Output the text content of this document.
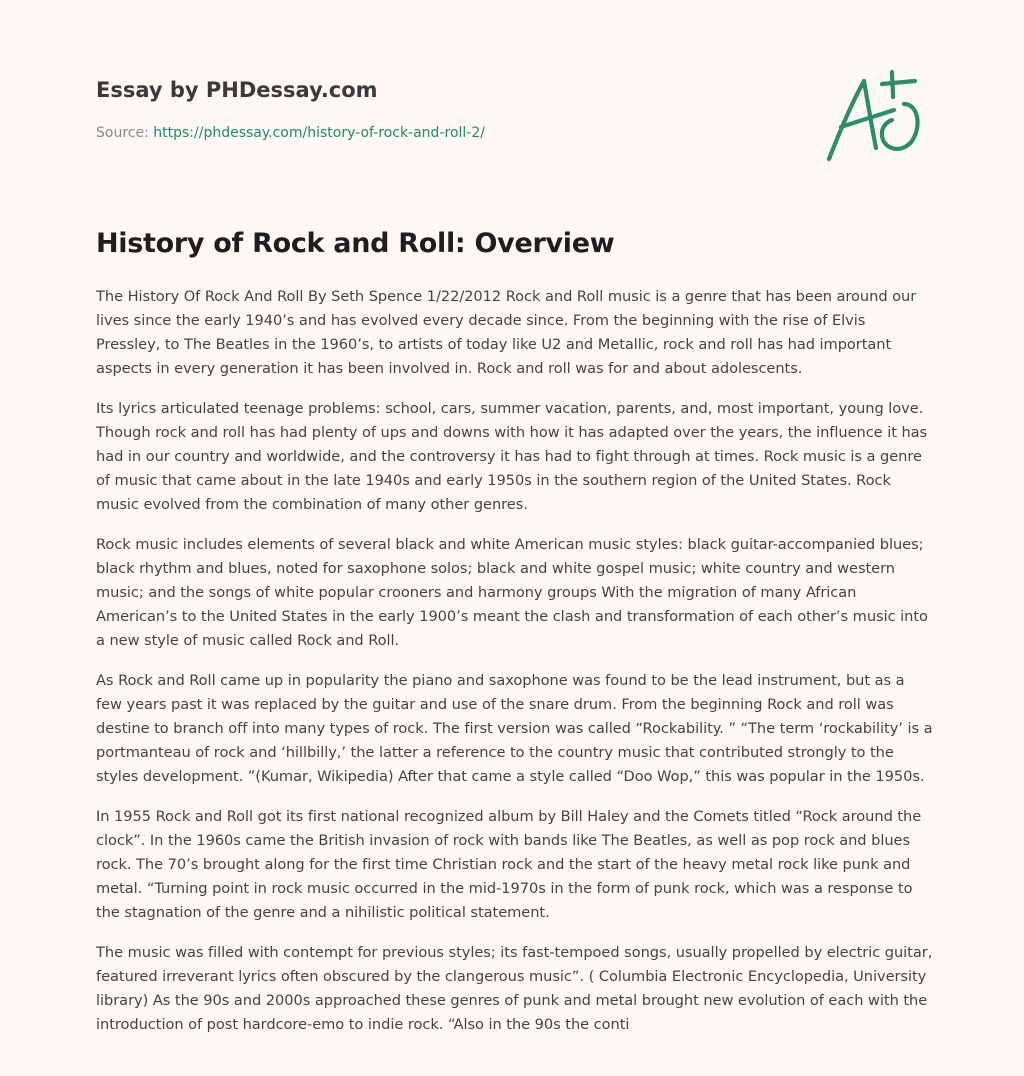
Essay by PHDessay.com
Source: https://phdessay.com/history-of-rock-and-roll-2/
History of Rock and Roll: Overview

The History Of Rock And Roll By Seth Spence 1/22/2012 Rock and Roll music is a genre that has been around our lives since the early 1940’s and has evolved every decade since. From the beginning with the rise of Elvis Pressley, to The Beatles in the 1960’s, to artists of today like U2 and Metallic, rock and roll has had important aspects in every generation it has been involved in. Rock and roll was for and about adolescents.

Its lyrics articulated teenage problems: school, cars, summer vacation, parents, and, most important, young love. Though rock and roll has had plenty of ups and downs with how it has adapted over the years, the influence it has had in our country and worldwide, and the controversy it has had to fight through at times. Rock music is a genre of music that came about in the late 1940s and early 1950s in the southern region of the United States. Rock music evolved from the combination of many other genres.

Rock music includes elements of several black and white American music styles: black guitar-accompanied blues; black rhythm and blues, noted for saxophone solos; black and white gospel music; white country and western music; and the songs of white popular crooners and harmony groups With the migration of many African American’s to the United States in the early 1900’s meant the clash and transformation of each other’s music into a new style of music called Rock and Roll.

As Rock and Roll came up in popularity the piano and saxophone was found to be the lead instrument, but as a few years past it was replaced by the guitar and use of the snare drum. From the beginning Rock and roll was destine to branch off into many types of rock. The first version was called “Rockability. ” “The term ‘rockability’ is a portmanteau of rock and ‘hillbilly,’ the latter a reference to the country music that contributed strongly to the styles development. ”(Kumar, Wikipedia) After that came a style called “Doo Wop,” this was popular in the 1950s.

In 1955 Rock and Roll got its first national recognized album by Bill Haley and the Comets titled “Rock around the clock”. In the 1960s came the British invasion of rock with bands like The Beatles, as well as pop rock and blues rock. The 70’s brought along for the first time Christian rock and the start of the heavy metal rock like punk and metal. “Turning point in rock music occurred in the mid-1970s in the form of punk rock, which was a response to the stagnation of the genre and a nihilistic political statement.

The music was filled with contempt for previous styles; its fast-tempoed songs, usually propelled by electric guitar, featured irreverant lyrics often obscured by the clangerous music”. ( Columbia Electronic Encyclopedia, University library) As the 90s and 2000s approached these genres of punk and metal brought new evolution of each with the introduction of post hardcore-emo to indie rock. “Also in the 90s the conti
